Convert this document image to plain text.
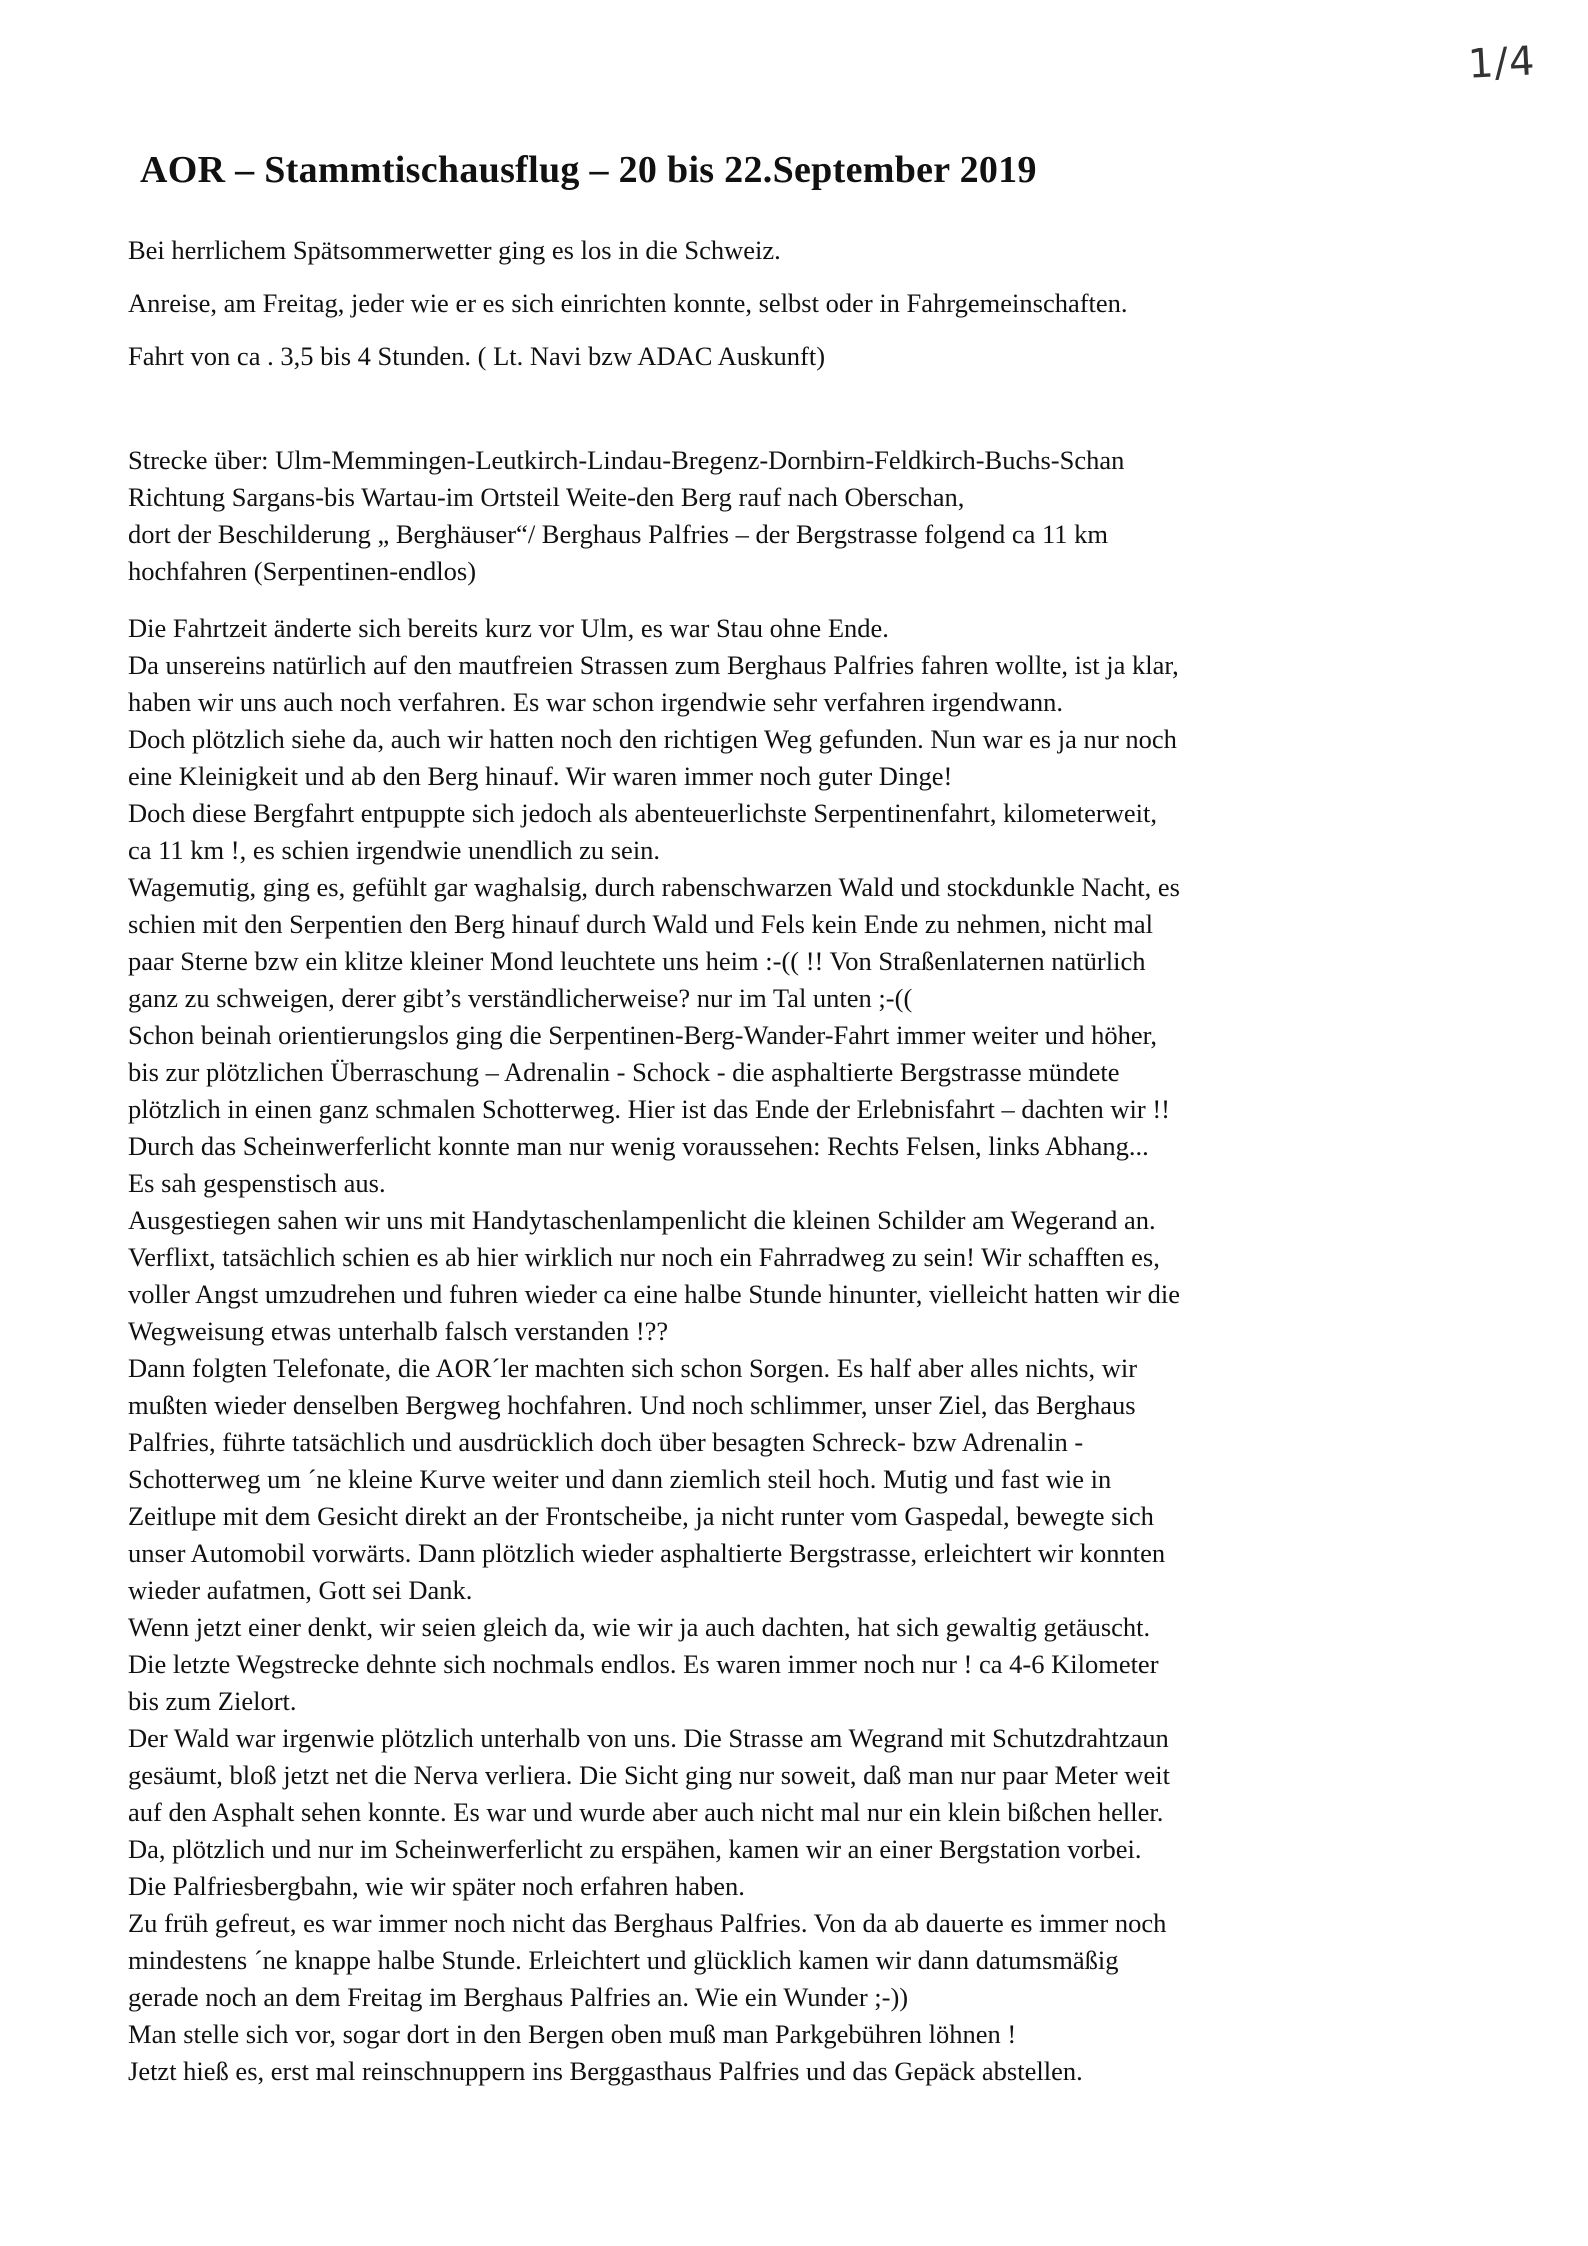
1/4
AOR – Stammtischausflug – 20 bis 22.September 2019
Bei herrlichem Spätsommerwetter ging es los in die Schweiz.
Anreise, am Freitag, jeder wie er es sich einrichten konnte, selbst oder in Fahrgemeinschaften.
Fahrt von ca . 3,5 bis 4 Stunden. ( Lt. Navi bzw ADAC Auskunft)
Strecke über: Ulm-Memmingen-Leutkirch-Lindau-Bregenz-Dornbirn-Feldkirch-Buchs-Schan
Richtung Sargans-bis Wartau-im Ortsteil Weite-den Berg rauf nach Oberschan,
dort der Beschilderung „ Berghäuser“/ Berghaus Palfries – der Bergstrasse folgend ca 11 km
hochfahren (Serpentinen-endlos)
Die Fahrtzeit änderte sich bereits kurz vor Ulm, es war Stau ohne Ende.
Da unsereins natürlich auf den mautfreien Strassen zum Berghaus Palfries fahren wollte, ist ja klar,
haben wir uns auch noch verfahren. Es war schon irgendwie sehr verfahren irgendwann.
Doch plötzlich siehe da, auch wir hatten noch den richtigen Weg gefunden. Nun war es ja nur noch
eine Kleinigkeit und ab den Berg hinauf. Wir waren immer noch guter Dinge!
Doch diese Bergfahrt entpuppte sich jedoch als abenteuerlichste Serpentinenfahrt, kilometerweit,
ca 11 km !, es schien irgendwie unendlich zu sein.
Wagemutig, ging es, gefühlt gar waghalsig, durch rabenschwarzen Wald und stockdunkle Nacht, es
schien mit den Serpentien den Berg hinauf durch Wald und Fels kein Ende zu nehmen, nicht mal
paar Sterne bzw ein klitze kleiner Mond leuchtete uns heim :-(( !! Von Straßenlaternen natürlich
ganz zu schweigen, derer gibt’s verständlicherweise? nur im Tal unten ;-((
Schon beinah orientierungslos ging die Serpentinen-Berg-Wander-Fahrt immer weiter und höher,
bis zur plötzlichen Überraschung – Adrenalin - Schock - die asphaltierte Bergstrasse mündete
plötzlich in einen ganz schmalen Schotterweg. Hier ist das Ende der Erlebnisfahrt – dachten wir !!
Durch das Scheinwerferlicht konnte man nur wenig voraussehen: Rechts Felsen, links Abhang...
Es sah gespenstisch aus.
Ausgestiegen sahen wir uns mit Handytaschenlampenlicht die kleinen Schilder am Wegerand an.
Verflixt, tatsächlich schien es ab hier wirklich nur noch ein Fahrradweg zu sein! Wir schafften es,
voller Angst umzudrehen und fuhren wieder ca eine halbe Stunde hinunter, vielleicht hatten wir die
Wegweisung etwas unterhalb falsch verstanden !??
Dann folgten Telefonate, die AOR´ler machten sich schon Sorgen. Es half aber alles nichts, wir
mußten wieder denselben Bergweg hochfahren. Und noch schlimmer, unser Ziel, das Berghaus
Palfries, führte tatsächlich und ausdrücklich doch über besagten Schreck- bzw Adrenalin -
Schotterweg um ´ne kleine Kurve weiter und dann ziemlich steil hoch. Mutig und fast wie in
Zeitlupe mit dem Gesicht direkt an der Frontscheibe, ja nicht runter vom Gaspedal, bewegte sich
unser Automobil vorwärts. Dann plötzlich wieder asphaltierte Bergstrasse, erleichtert wir konnten
wieder aufatmen, Gott sei Dank.
Wenn jetzt einer denkt, wir seien gleich da, wie wir ja auch dachten, hat sich gewaltig getäuscht.
Die letzte Wegstrecke dehnte sich nochmals endlos. Es waren immer noch nur ! ca 4-6 Kilometer
bis zum Zielort.
Der Wald war irgenwie plötzlich unterhalb von uns. Die Strasse am Wegrand mit Schutzdrahtzaun
gesäumt, bloß jetzt net die Nerva verliera. Die Sicht ging nur soweit, daß man nur paar Meter weit
auf den Asphalt sehen konnte. Es war und wurde aber auch nicht mal nur ein klein bißchen heller.
Da, plötzlich und nur im Scheinwerferlicht zu erspähen, kamen wir an einer Bergstation vorbei.
Die Palfriesbergbahn, wie wir später noch erfahren haben.
Zu früh gefreut, es war immer noch nicht das Berghaus Palfries. Von da ab dauerte es immer noch
mindestens ´ne knappe halbe Stunde. Erleichtert und glücklich kamen wir dann datumsmäßig
gerade noch an dem Freitag im Berghaus Palfries an. Wie ein Wunder ;-))
Man stelle sich vor, sogar dort in den Bergen oben muß man Parkgebühren löhnen !
Jetzt hieß es, erst mal reinschnuppern ins Berggasthaus Palfries und das Gepäck abstellen.
